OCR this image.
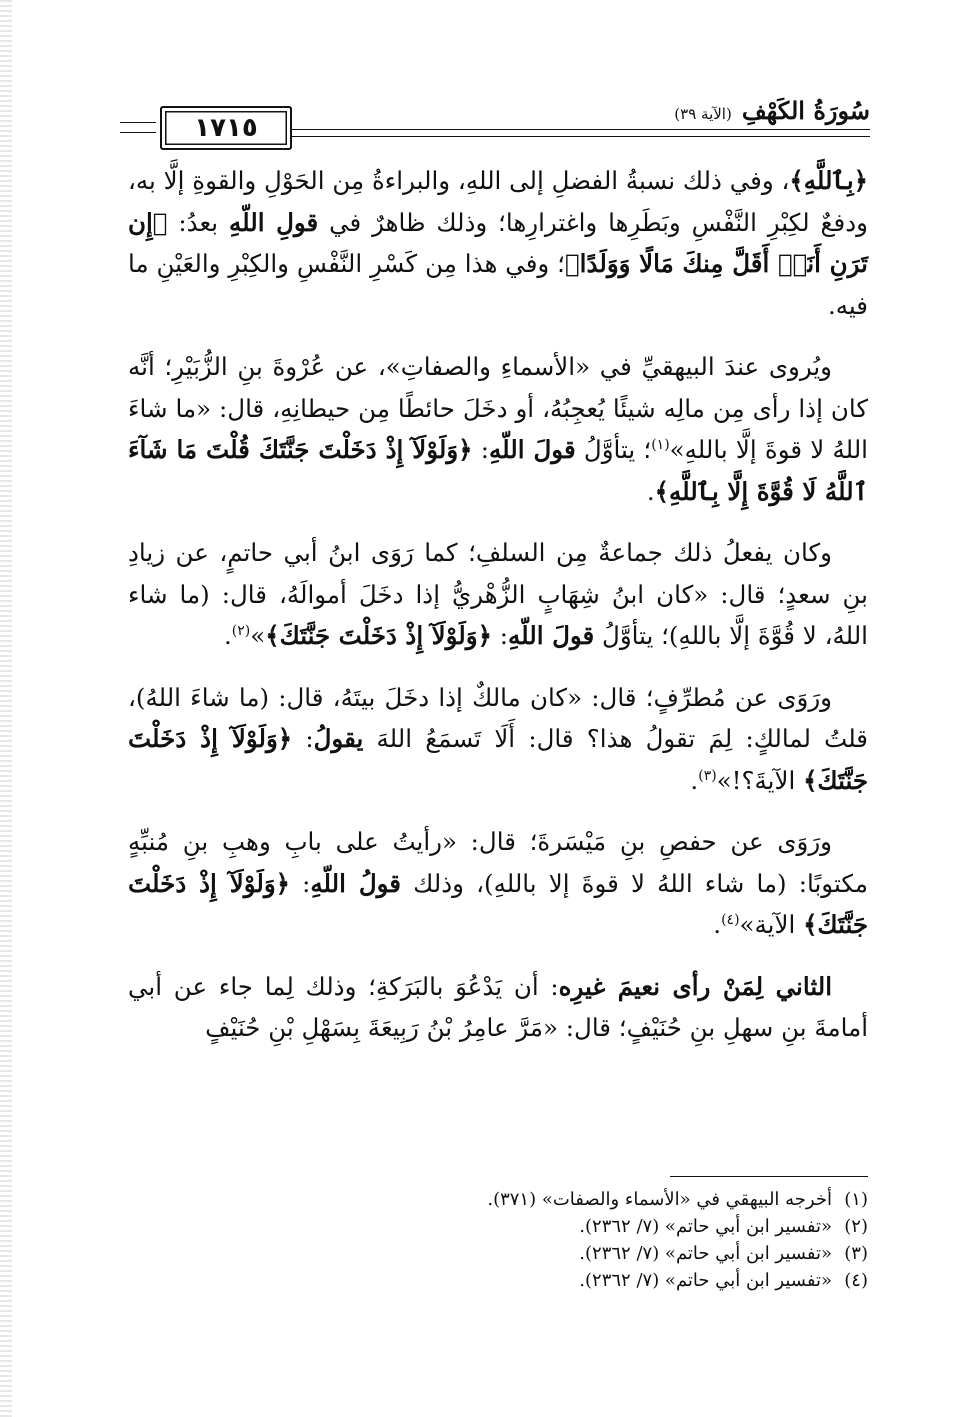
١٧١٥
سُورَةُ الكَهْفِ
(الآية ٣٩)

﴿بِٱللَّهِ﴾، وفي ذلك نسبةُ الفضلِ إلى اللهِ، والبراءةُ مِن الحَوْلِ والقوةِ إلَّا به، ودفعٌ لكِبْرِ النَّفْسِ وبَطَرِها واغترارِها؛ وذلك ظاهرٌ في قولِ اللّهِ بعدُ: ﴿إِن تَرَنِ أَنَا۠ أَقَلَّ مِنكَ مَالًا وَوَلَدًا﴾؛ وفي هذا مِن كَسْرِ النَّفْسِ والكِبْرِ والعَيْنِ ما فيه.

ويُروى عندَ البيهقيِّ في «الأسماءِ والصفاتِ»، عن عُرْوةَ بنِ الزُّبَيْرِ؛ أنَّه كان إذا رأى مِن مالِه شيئًا يُعجِبُهُ، أو دخَلَ حائطًا مِن حيطانِهِ، قال: «ما شاءَ اللهُ لا قوةَ إلَّا باللهِ»$^{(١)}$؛ يتأوَّلُ قولَ اللّهِ: ﴿وَلَوْلَآ إِذْ دَخَلْتَ جَنَّتَكَ قُلْتَ مَا شَآءَ ٱللَّهُ لَا قُوَّةَ إِلَّا بِٱللَّهِ﴾.

وكان يفعلُ ذلك جماعةٌ مِن السلفِ؛ كما رَوَى ابنُ أبي حاتمٍ، عن زيادِ بنِ سعدٍ؛ قال: «كان ابنُ شِهَابٍ الزُّهْريُّ إذا دخَلَ أموالَهُ، قال: (ما شاء اللهُ، لا قُوَّةَ إلَّا باللهِ)؛ يتأوَّلُ قولَ اللّهِ: ﴿وَلَوْلَآ إِذْ دَخَلْتَ جَنَّتَكَ﴾»$^{(٢)}$.

ورَوَى عن مُطرِّفٍ؛ قال: «كان مالكٌ إذا دخَلَ بيتَهُ، قال: (ما شاءَ اللهُ)، قلتُ لمالكٍ: لِمَ تقولُ هذا؟ قال: أَلَا تَسمَعُ اللهَ يقولُ: ﴿وَلَوْلَآ إِذْ دَخَلْتَ جَنَّتَكَ﴾ الآيةَ؟!»$^{(٣)}$.

ورَوَى عن حفصِ بنِ مَيْسَرةَ؛ قال: «رأيتُ على بابِ وهبِ بنِ مُنبِّهٍ مكتوبًا: (ما شاء اللهُ لا قوةَ إلا باللهِ)، وذلك قولُ اللّهِ: ﴿وَلَوْلَآ إِذْ دَخَلْتَ جَنَّتَكَ﴾ الآية»$^{(٤)}$.

الثاني لِمَنْ رأى نعيمَ غيرِه: أن يَدْعُوَ بالبَرَكةِ؛ وذلك لِما جاء عن أبي أمامةَ بنِ سهلِ بنِ حُنَيْفٍ؛ قال: «مَرَّ عامِرُ بْنُ رَبِيعَةَ بِسَهْلِ بْنِ حُنَيْفٍ

(١)
أخرجه البيهقي في «الأسماء والصفات» (٣٧١).
(٢)
«تفسير ابن أبي حاتم» (٧/ ٢٣٦٢).
(٣)
«تفسير ابن أبي حاتم» (٧/ ٢٣٦٢).
(٤)
«تفسير ابن أبي حاتم» (٧/ ٢٣٦٢).
